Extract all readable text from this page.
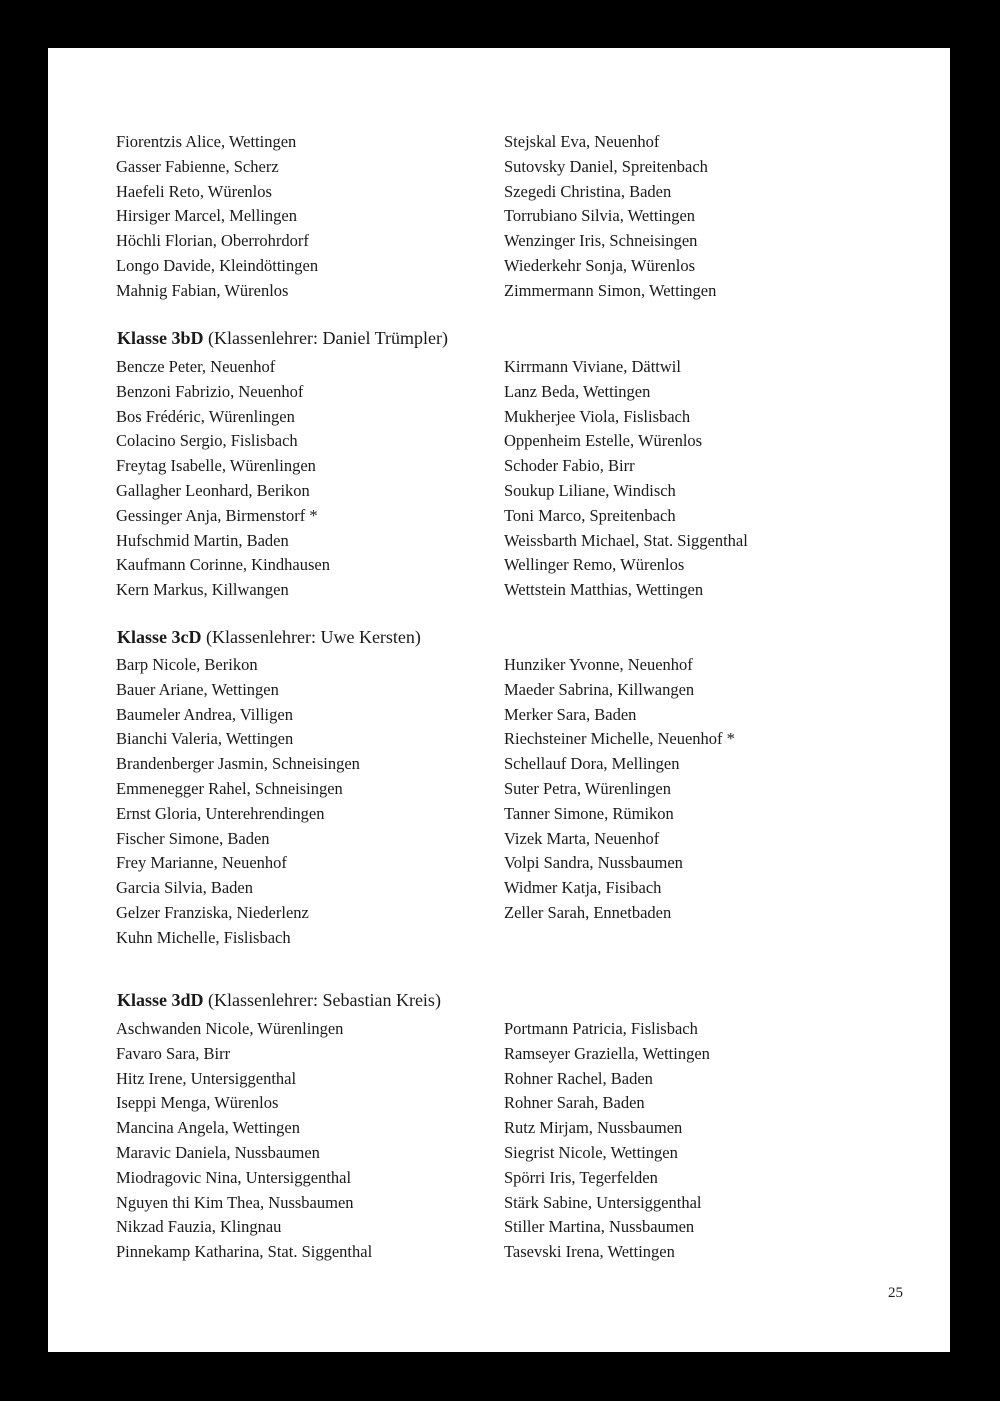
Fiorentzis Alice, Wettingen
Gasser Fabienne, Scherz
Haefeli Reto, Würenlos
Hirsiger Marcel, Mellingen
Höchli Florian, Oberrohrdorf
Longo Davide, Kleindöttingen
Mahnig Fabian, Würenlos
Stejskal Eva, Neuenhof
Sutovsky Daniel, Spreitenbach
Szegedi Christina, Baden
Torrubiano Silvia, Wettingen
Wenzinger Iris, Schneisingen
Wiederkehr Sonja, Würenlos
Zimmermann Simon, Wettingen
Klasse 3bD (Klassenlehrer: Daniel Trümpler)
Bencze Peter, Neuenhof
Benzoni Fabrizio, Neuenhof
Bos Frédéric, Würenlingen
Colacino Sergio, Fislisbach
Freytag Isabelle, Würenlingen
Gallagher Leonhard, Berikon
Gessinger Anja, Birmenstorf *
Hufschmid Martin, Baden
Kaufmann Corinne, Kindhausen
Kern Markus, Killwangen
Kirrmann Viviane, Dättwil
Lanz Beda, Wettingen
Mukherjee Viola, Fislisbach
Oppenheim Estelle, Würenlos
Schoder Fabio, Birr
Soukup Liliane, Windisch
Toni Marco, Spreitenbach
Weissbarth Michael, Stat. Siggenthal
Wellinger Remo, Würenlos
Wettstein Matthias, Wettingen
Klasse 3cD (Klassenlehrer: Uwe Kersten)
Barp Nicole, Berikon
Bauer Ariane, Wettingen
Baumeler Andrea, Villigen
Bianchi Valeria, Wettingen
Brandenberger Jasmin, Schneisingen
Emmenegger Rahel, Schneisingen
Ernst Gloria, Unterehrendingen
Fischer Simone, Baden
Frey Marianne, Neuenhof
Garcia Silvia, Baden
Gelzer Franziska, Niederlenz
Kuhn Michelle, Fislisbach
Hunziker Yvonne, Neuenhof
Maeder Sabrina, Killwangen
Merker Sara, Baden
Riechsteiner Michelle, Neuenhof *
Schellauf Dora, Mellingen
Suter Petra, Würenlingen
Tanner Simone, Rümikon
Vizek Marta, Neuenhof
Volpi Sandra, Nussbaumen
Widmer Katja, Fisibach
Zeller Sarah, Ennetbaden
Klasse 3dD (Klassenlehrer: Sebastian Kreis)
Aschwanden Nicole, Würenlingen
Favaro Sara, Birr
Hitz Irene, Untersiggenthal
Iseppi Menga, Würenlos
Mancina Angela, Wettingen
Maravic Daniela, Nussbaumen
Miodragovic Nina, Untersiggenthal
Nguyen thi Kim Thea, Nussbaumen
Nikzad Fauzia, Klingnau
Pinnekamp Katharina, Stat. Siggenthal
Portmann Patricia, Fislisbach
Ramseyer Graziella, Wettingen
Rohner Rachel, Baden
Rohner Sarah, Baden
Rutz Mirjam, Nussbaumen
Siegrist Nicole, Wettingen
Spörri Iris, Tegerfelden
Stärk Sabine, Untersiggenthal
Stiller Martina, Nussbaumen
Tasevski Irena, Wettingen
25
